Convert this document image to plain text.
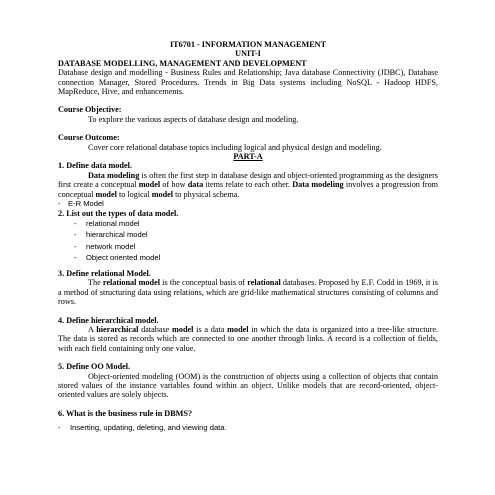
IT6701 - INFORMATION MANAGEMENT
UNIT-I
DATABASE MODELLING, MANAGEMENT AND DEVELOPMENT
Database design and modelling - Business Rules and Relationship; Java database Connectivity (JDBC), Database connection Manager, Stored Procedures. Trends in Big Data systems including NoSQL - Hadoop HDFS, MapReduce, Hive, and enhancements.
Course Objective:
To explore the various aspects of database design and modeling.
Course Outcome:
Cover core relational database topics including logical and physical design and modeling.
PART-A
1. Define data model.
Data modeling is often the first step in database design and object-oriented programming as the designers first create a conceptual model of how data items relate to each other. Data modeling involves a progression from conceptual model to logical model to physical schema.
- E-R Model
2. List out the types of data model.
- relational model
- hierarchical model
- network model
- Object oriented model
3. Define relational Model.
The relational model is the conceptual basis of relational databases. Proposed by E.F. Codd in 1969, it is a method of structuring data using relations, which are grid-like mathematical structures consisting of columns and rows.
4. Define hierarchical model.
A hierarchical database model is a data model in which the data is organized into a tree-like structure. The data is stored as records which are connected to one another through links. A record is a collection of fields, with each field containing only one value.
5. Define OO Model.
Object-oriented modeling (OOM) is the construction of objects using a collection of objects that contain stored values of the instance variables found within an object. Unlike models that are record-oriented, object-oriented values are solely objects.
6. What is the business rule in DBMS?
- Inserting, updating, deleting, and viewing data.
